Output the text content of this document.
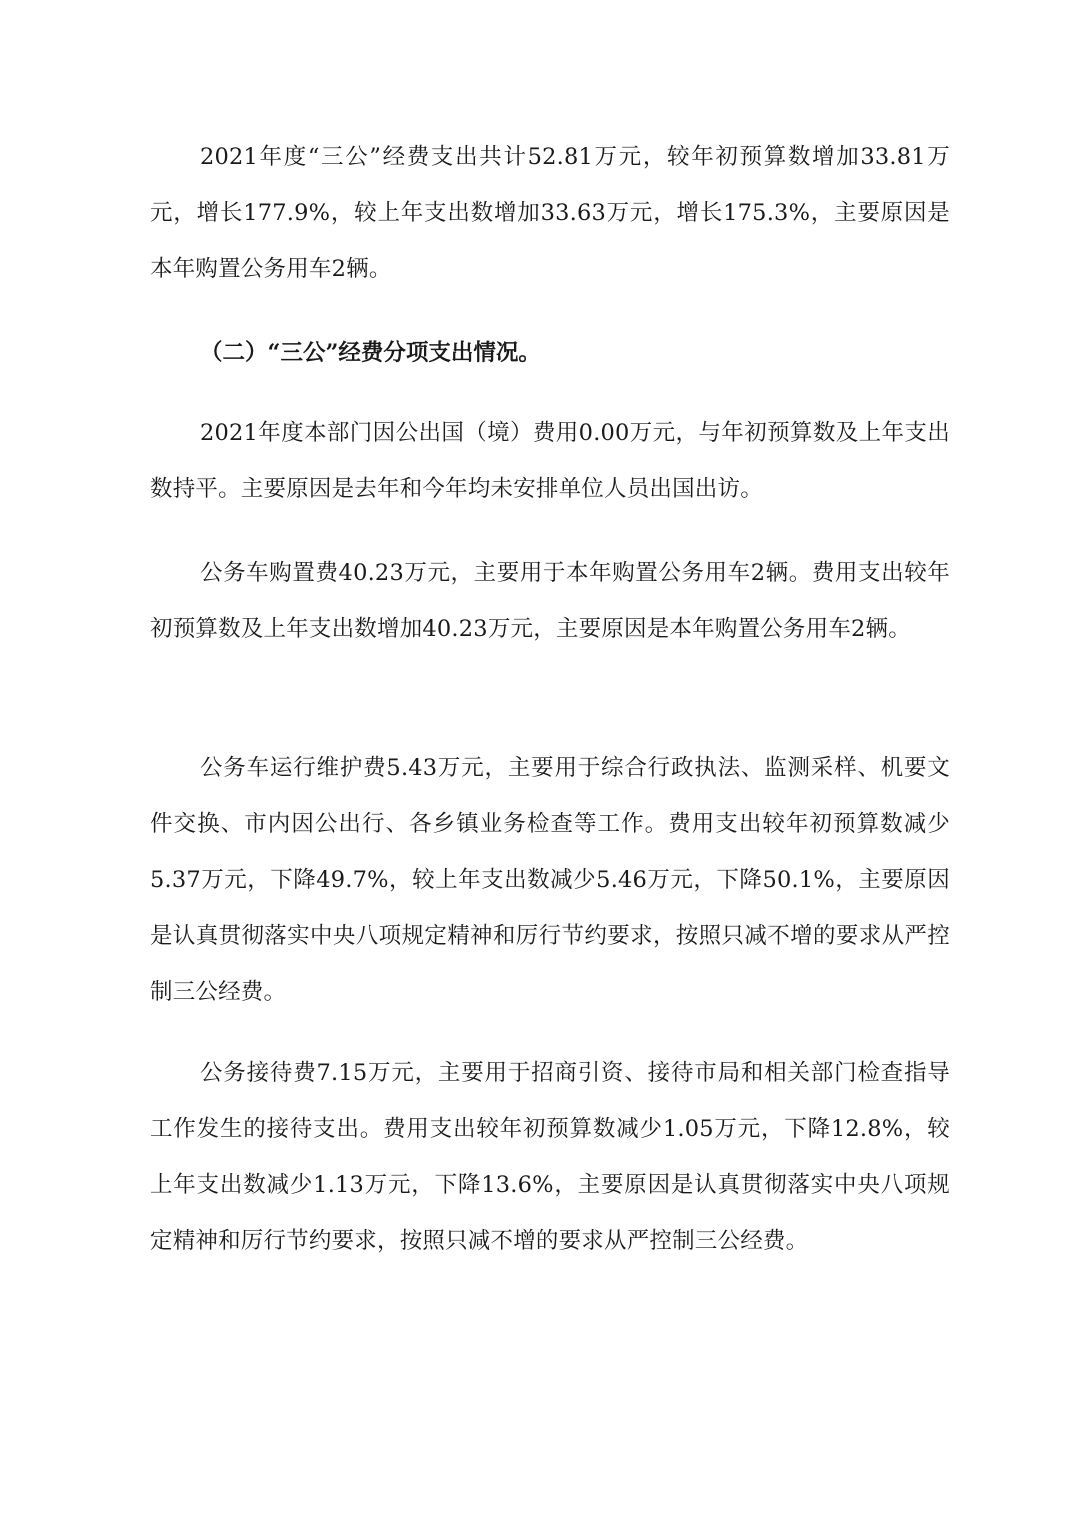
2021年度“三公”经费支出共计52.81万元，较年初预算数增加33.81万元，增长177.9%，较上年支出数增加33.63万元，增长175.3%，主要原因是本年购置公务用车2辆。

（二）“三公”经费分项支出情况。

2021年度本部门因公出国（境）费用0.00万元，与年初预算数及上年支出数持平。主要原因是去年和今年均未安排单位人员出国出访。

公务车购置费40.23万元，主要用于本年购置公务用车2辆。费用支出较年初预算数及上年支出数增加40.23万元，主要原因是本年购置公务用车2辆。

公务车运行维护费5.43万元，主要用于综合行政执法、监测采样、机要文件交换、市内因公出行、各乡镇业务检查等工作。费用支出较年初预算数减少5.37万元，下降49.7%，较上年支出数减少5.46万元，下降50.1%，主要原因是认真贯彻落实中央八项规定精神和厉行节约要求，按照只减不增的要求从严控制三公经费。

公务接待费7.15万元，主要用于招商引资、接待市局和相关部门检查指导工作发生的接待支出。费用支出较年初预算数减少1.05万元，下降12.8%，较上年支出数减少1.13万元，下降13.6%，主要原因是认真贯彻落实中央八项规定精神和厉行节约要求，按照只减不增的要求从严控制三公经费。
